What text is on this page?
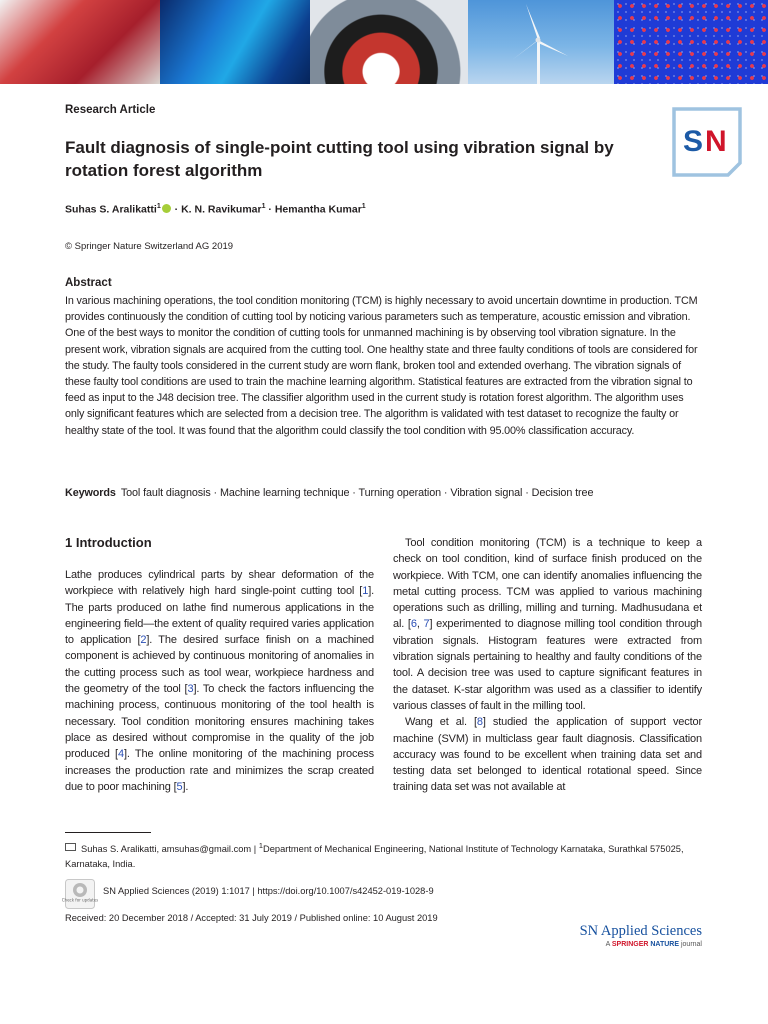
Research Article
Fault diagnosis of single-point cutting tool using vibration signal by rotation forest algorithm
S N
Suhas S. Aralikatti$^1$ · K. N. Ravikumar$^1$ · Hemantha Kumar$^1$
© Springer Nature Switzerland AG 2019
Abstract
In various machining operations, the tool condition monitoring (TCM) is highly necessary to avoid uncertain downtime in production. TCM provides continuously the condition of cutting tool by noticing various parameters such as temperature, acoustic emission and vibration. One of the best ways to monitor the condition of cutting tools for unmanned machining is by observing tool vibration signature. In the present work, vibration signals are acquired from the cutting tool. One healthy state and three faulty conditions of tools are considered for the study. The faulty tools considered in the current study are worn flank, broken tool and extended overhang. The vibration signals of these faulty tool conditions are used to train the machine learning algorithm. Statistical features are extracted from the vibration signal to feed as input to the J48 decision tree. The classifier algorithm used in the current study is rotation forest algorithm. The algorithm uses only significant features which are selected from a decision tree. The algorithm is validated with test dataset to recognize the faulty or healthy state of the tool. It was found that the algorithm could classify the tool condition with 95.00% classification accuracy.
Keywords Tool fault diagnosis · Machine learning technique · Turning operation · Vibration signal · Decision tree
1 Introduction

Lathe produces cylindrical parts by shear deformation of the workpiece with relatively high hard single-point cutting tool [1]. The parts produced on lathe find numerous applications in the engineering field—the extent of quality required varies application to application [2]. The desired surface finish on a machined component is achieved by continuous monitoring of anomalies in the cutting process such as tool wear, workpiece hardness and the geometry of the tool [3]. To check the factors influencing the machining process, continuous monitoring of the tool health is necessary. Tool condition monitoring ensures machining takes place as desired without compromise in the quality of the job produced [4]. The online monitoring of the machining process increases the production rate and minimizes the scrap created due to poor machining [5].

Tool condition monitoring (TCM) is a technique to keep a check on tool condition, kind of surface finish produced on the workpiece. With TCM, one can identify anomalies influencing the metal cutting process. TCM was applied to various machining operations such as drilling, milling and turning. Madhusudana et al. [6, 7] experimented to diagnose milling tool condition through vibration signals. Histogram features were extracted from vibration signals pertaining to healthy and faulty conditions of the tool. A decision tree was used to capture significant features in the dataset. K-star algorithm was used as a classifier to identify various classes of fault in the milling tool.

Wang et al. [8] studied the application of support vector machine (SVM) in multiclass gear fault diagnosis. Classification accuracy was found to be excellent when training data set and testing data set belonged to identical rotational speed. Since training data set was not available at

Suhas S. Aralikatti, amsuhas@gmail.com | $^1$Department of Mechanical Engineering, National Institute of Technology Karnataka, Surathkal 575025, Karnataka, India.
Check for updates
SN Applied Sciences (2019) 1:1017 | https://doi.org/10.1007/s42452-019-1028-9
Received: 20 December 2018 / Accepted: 31 July 2019 / Published online: 10 August 2019
SN Applied Sciences
A SPRINGER NATURE journal
